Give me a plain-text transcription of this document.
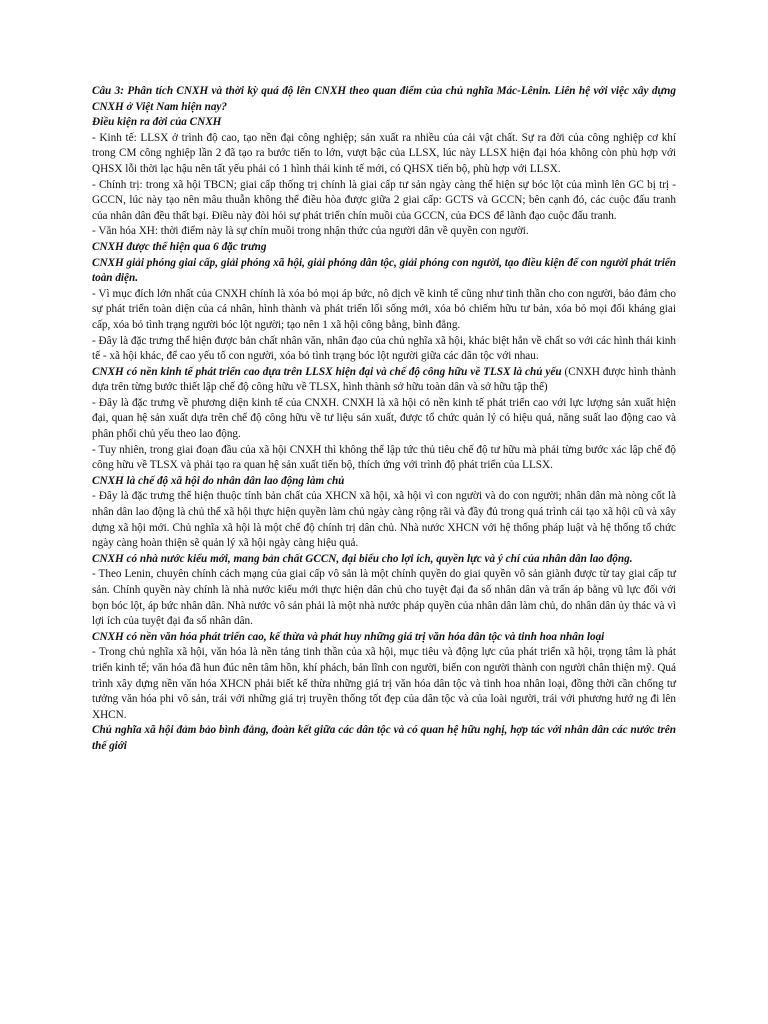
Câu 3: Phân tích CNXH và thời kỳ quá độ lên CNXH theo quan điểm của chủ nghĩa Mác-Lênin. Liên hệ với việc xây dựng CNXH ở Việt Nam hiện nay?

Điều kiện ra đời của CNXH

- Kinh tế: LLSX ở trình độ cao, tạo nền đại công nghiệp; sản xuất ra nhiều của cải vật chất. Sự ra đời của công nghiệp cơ khí trong CM công nghiệp lần 2 đã tạo ra bước tiến to lớn, vượt bậc của LLSX, lúc này LLSX hiện đại hóa không còn phù hợp với QHSX lỗi thời lạc hậu nên tất yếu phải có 1 hình thái kinh tế mới, có QHSX tiến bộ, phù hợp với LLSX.

- Chính trị: trong xã hội TBCN; giai cấp thống trị chính là giai cấp tư sản ngày càng thể hiện sự bóc lột của mình lên GC bị trị - GCCN, lúc này tạo nên mâu thuẫn không thể điều hòa được giữa 2 giai cấp: GCTS và GCCN; bên cạnh đó, các cuộc đấu tranh của nhân dân đều thất bại. Điều này đòi hỏi sự phát triển chín muồi của GCCN, của ĐCS để lãnh đạo cuộc đấu tranh.

- Văn hóa XH: thời điểm này là sự chín muồi trong nhận thức của người dân về quyền con người.

CNXH được thể hiện qua 6 đặc trưng

CNXH giải phóng giai cấp, giải phóng xã hội, giải phóng dân tộc, giải phóng con người, tạo điều kiện để con người phát triển toàn diện.

- Vì mục đích lớn nhất của CNXH chính là xóa bỏ mọi áp bức, nô dịch về kinh tế cũng như tinh thần cho con người, bảo đảm cho sự phát triển toàn diện của cá nhân, hình thành và phát triển lối sống mới, xóa bỏ chiếm hữu tư bản, xóa bỏ mọi đối kháng giai cấp, xóa bỏ tình trạng người bóc lột người; tạo nên 1 xã hội công bằng, bình đẳng.

- Đây là đặc trưng thể hiện được bản chất nhân văn, nhân đạo của chủ nghĩa xã hội, khác biệt hẳn về chất so với các hình thái kinh tế - xã hội khác, để cao yếu tố con người, xóa bỏ tình trạng bóc lột người giữa các dân tộc với nhau.

CNXH có nền kinh tế phát triển cao dựa trên LLSX hiện đại và chế độ công hữu về TLSX là chủ yếu (CNXH được hình thành dựa trên từng bước thiết lập chế độ công hữu về TLSX, hình thành sở hữu toàn dân và sở hữu tập thể)

- Đây là đặc trưng về phương diện kinh tế của CNXH. CNXH là xã hội có nền kinh tế phát triển cao với lực lượng sản xuất hiện đại, quan hệ sản xuất dựa trên chế độ công hữu về tư liệu sản xuất, được tổ chức quản lý có hiệu quả, năng suất lao động cao và phân phối chủ yếu theo lao động.

- Tuy nhiên, trong giai đoạn đầu của xã hội CNXH thì không thể lập tức thủ tiêu chế độ tư hữu mà phải từng bước xác lập chế độ công hữu về TLSX và phải tạo ra quan hệ sản xuất tiến bộ, thích ứng với trình độ phát triển của LLSX.

CNXH là chế độ xã hội do nhân dân lao động làm chủ

- Đây là đặc trưng thể hiện thuộc tính bản chất của XHCN xã hội, xã hội vì con người và do con người; nhân dân mà nòng cốt là nhân dân lao động là chủ thể xã hội thực hiện quyền làm chủ ngày càng rộng rãi và đầy đủ trong quá trình cải tạo xã hội cũ và xây dựng xã hội mới. Chủ nghĩa xã hội là một chế độ chính trị dân chủ. Nhà nước XHCN với hệ thống pháp luật và hệ thống tổ chức ngày càng hoàn thiện sẽ quản lý xã hội ngày càng hiệu quả.

CNXH có nhà nước kiểu mới, mang bản chất GCCN, đại biểu cho lợi ích, quyền lực và ý chí của nhân dân lao động.

- Theo Lenin, chuyên chính cách mạng của giai cấp vô sản là một chính quyền do giai quyền vô sản giành được từ tay giai cấp tư sản. Chính quyền này chính là nhà nước kiểu mới thực hiện dân chủ cho tuyệt đại đa số nhân dân và trấn áp bằng vũ lực đối với bọn bóc lột, áp bức nhân dân. Nhà nước vô sản phải là một nhà nước pháp quyền của nhân dân làm chủ, do nhân dân ủy thác và vì lợi ích của tuyệt đại đa số nhân dân.

CNXH có nền văn hóa phát triển cao, kế thừa và phát huy những giá trị văn hóa dân tộc và tinh hoa nhân loại

- Trong chủ nghĩa xã hội, văn hóa là nền tảng tinh thần của xã hội, mục tiêu và động lực của phát triển xã hội, trọng tâm là phát triển kinh tế; văn hóa đã hun đúc nên tâm hồn, khí phách, bản lĩnh con người, biến con người thành con người chân thiện mỹ. Quá trình xây dựng nền văn hóa XHCN phải biết kế thừa những giá trị văn hóa dân tộc và tinh hoa nhân loại, đồng thời cần chống tư tưởng văn hóa phi vô sản, trái với những giá trị truyền thống tốt đẹp của dân tộc và của loài người, trái với phương hướ ng đi lên XHCN.

Chủ nghĩa xã hội đảm bảo bình đẳng, đoàn kết giữa các dân tộc và có quan hệ hữu nghị, hợp tác với nhân dân các nước trên thế giới
